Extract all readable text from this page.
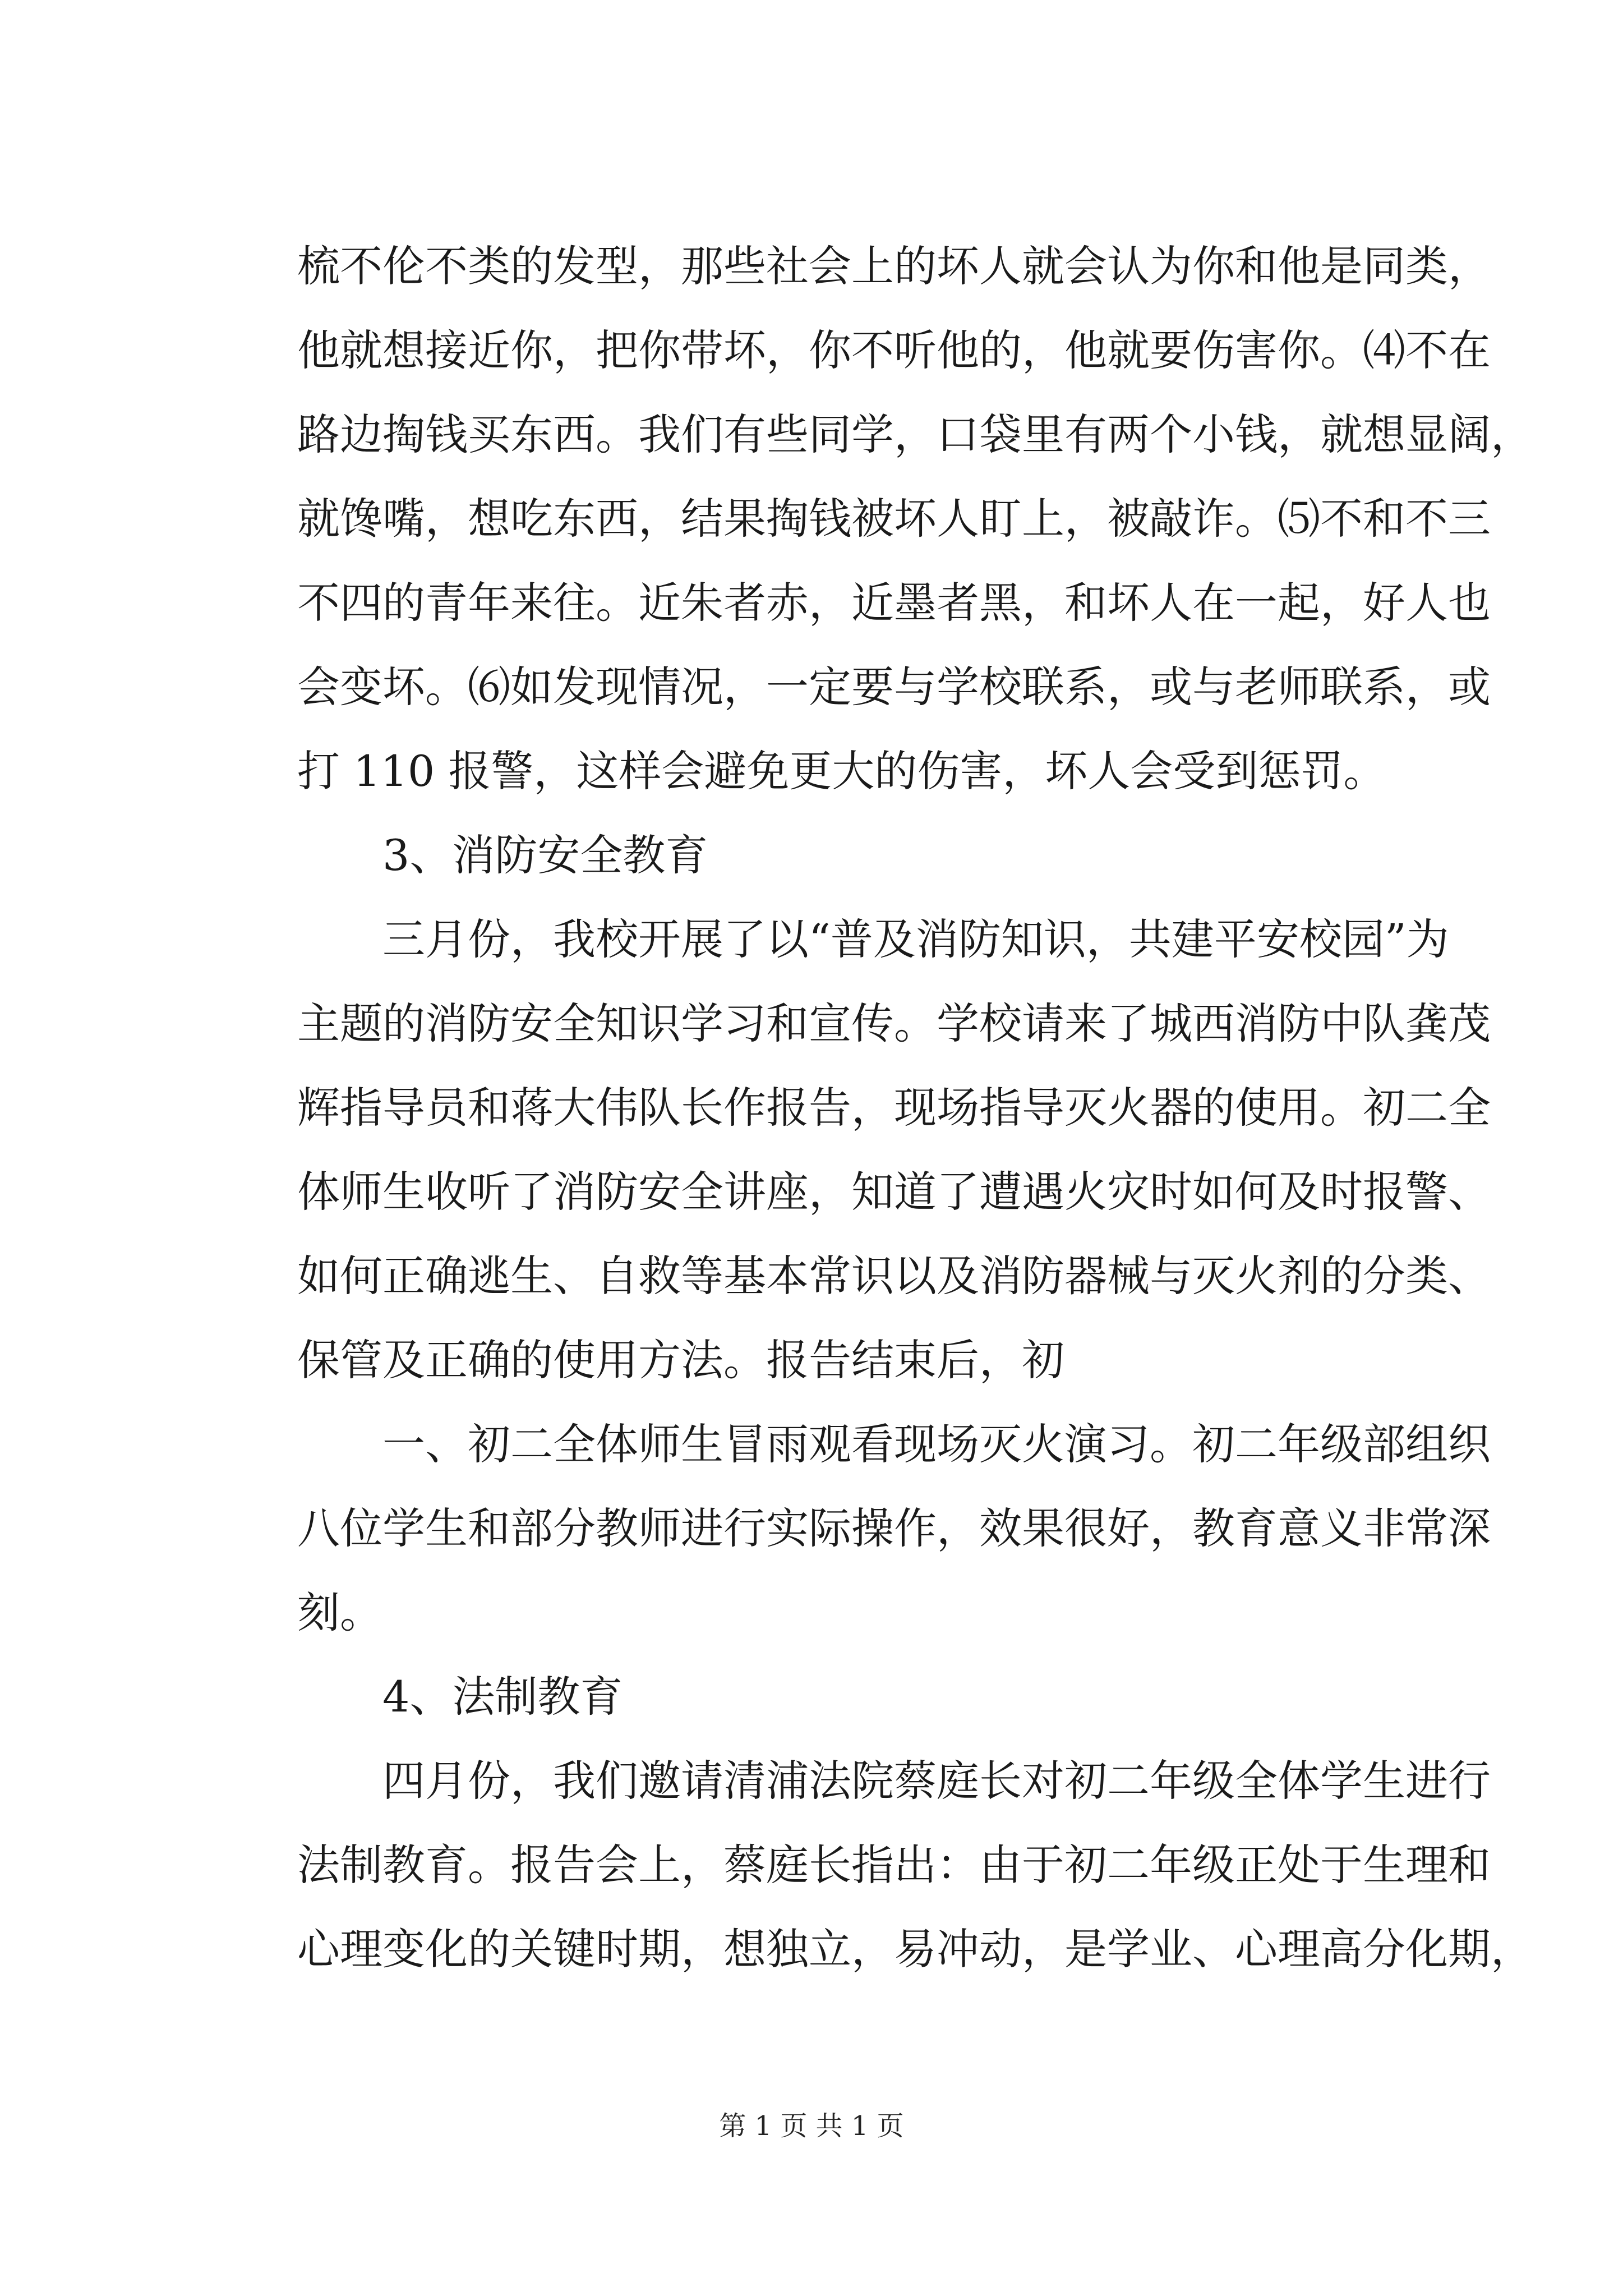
梳不伦不类的发型，那些社会上的坏人就会认为你和他是同类，
他就想接近你，把你带坏，你不听他的，他就要伤害你。⑷不在
路边掏钱买东西。我们有些同学，口袋里有两个小钱，就想显阔，
就馋嘴，想吃东西，结果掏钱被坏人盯上，被敲诈。⑸不和不三
不四的青年来往。近朱者赤，近墨者黑，和坏人在一起，好人也
会变坏。⑹如发现情况，一定要与学校联系，或与老师联系，或
打 110 报警，这样会避免更大的伤害，坏人会受到惩罚。
　　3、消防安全教育
　　三月份，我校开展了以“普及消防知识，共建平安校园”为
主题的消防安全知识学习和宣传。学校请来了城西消防中队龚茂
辉指导员和蒋大伟队长作报告，现场指导灭火器的使用。初二全
体师生收听了消防安全讲座，知道了遭遇火灾时如何及时报警、
如何正确逃生、自救等基本常识以及消防器械与灭火剂的分类、
保管及正确的使用方法。报告结束后，初
　　一、初二全体师生冒雨观看现场灭火演习。初二年级部组织
八位学生和部分教师进行实际操作，效果很好，教育意义非常深
刻。
　　4、法制教育
　　四月份，我们邀请清浦法院蔡庭长对初二年级全体学生进行
法制教育。报告会上，蔡庭长指出：由于初二年级正处于生理和
心理变化的关键时期，想独立，易冲动，是学业、心理高分化期，
第 1 页 共 1 页
